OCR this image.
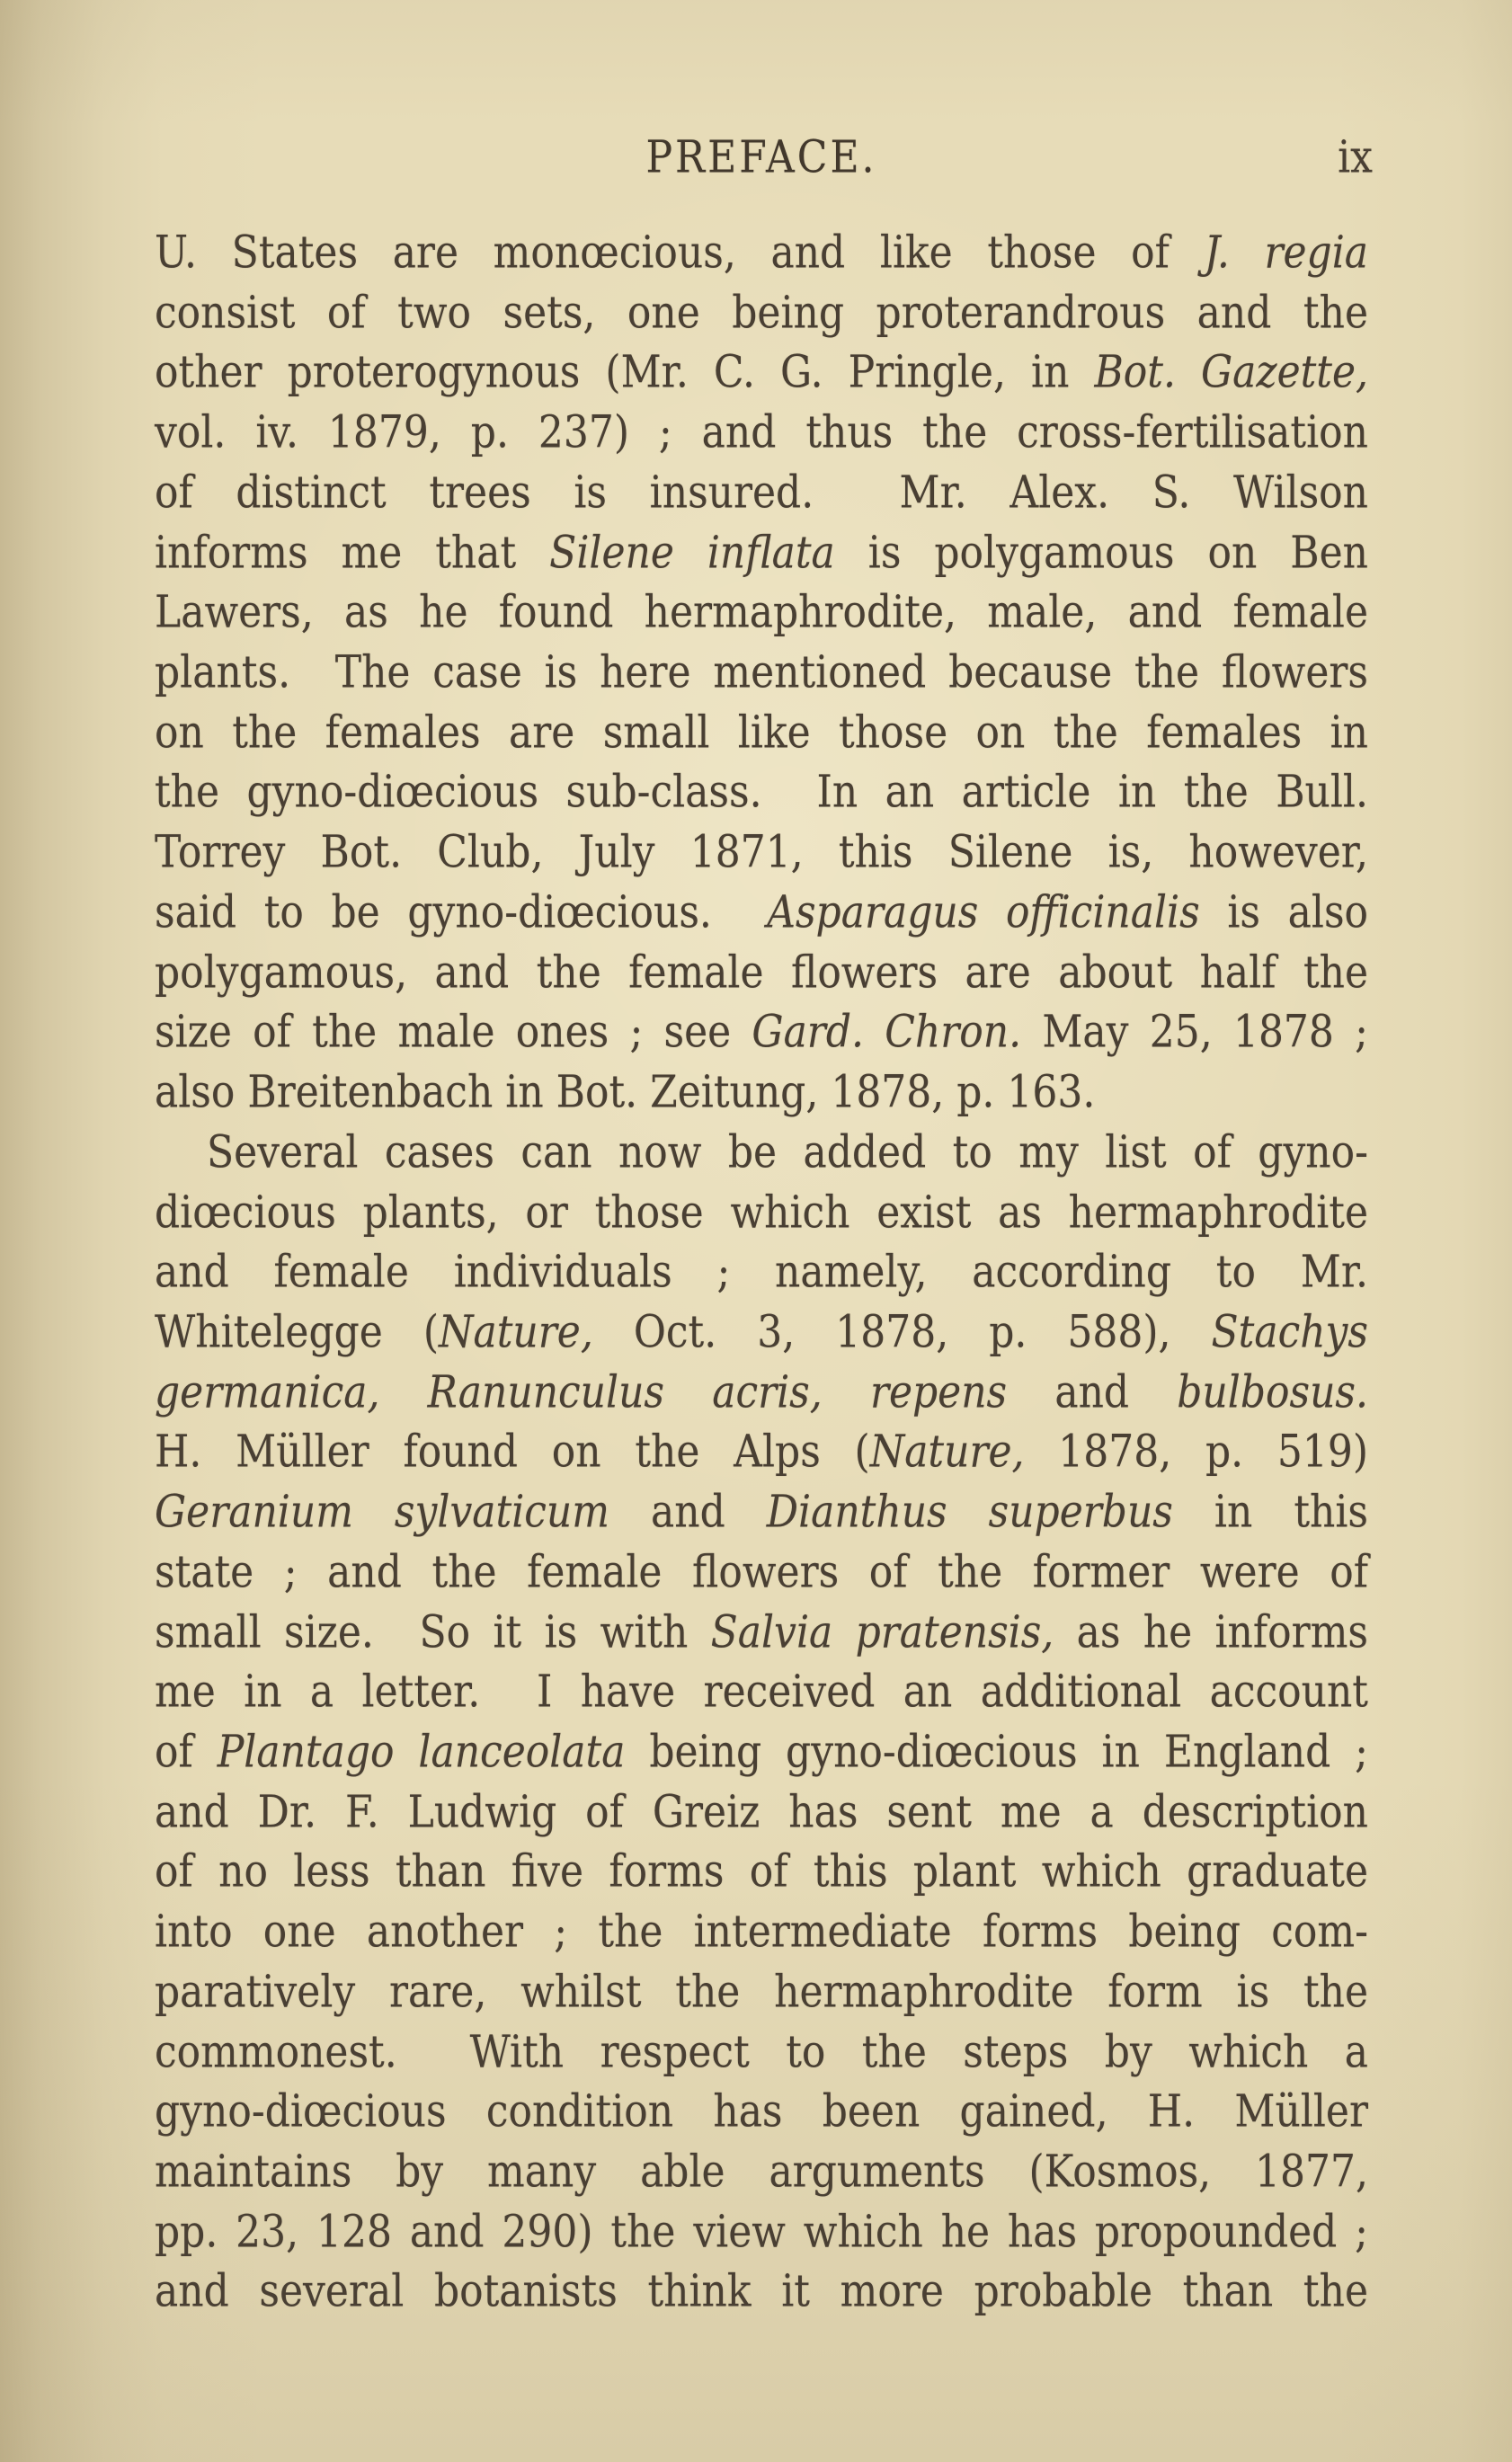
PREFACE.	ix
U. States are monœcious, and like those of J. regia
consist of two sets, one being proterandrous and the
other proterogynous (Mr. C. G. Pringle, in Bot. Gazette,
vol. iv. 1879, p. 237) ; and thus the cross-fertilisation
of distinct trees is insured.  Mr. Alex. S. Wilson
informs me that Silene inflata is polygamous on Ben
Lawers, as he found hermaphrodite, male, and female
plants.  The case is here mentioned because the flowers
on the females are small like those on the females in
the gyno-diœcious sub-class.  In an article in the Bull.
Torrey Bot. Club, July 1871, this Silene is, however,
said to be gyno-diœcious.  Asparagus officinalis is also
polygamous, and the female flowers are about half the
size of the male ones ; see Gard. Chron. May 25, 1878 ;
also Breitenbach in Bot. Zeitung, 1878, p. 163.
Several cases can now be added to my list of gyno-
diœcious plants, or those which exist as hermaphrodite
and female individuals ; namely, according to Mr.
Whitelegge (Nature, Oct. 3, 1878, p. 588), Stachys
germanica, Ranunculus acris, repens and bulbosus.
H. Müller found on the Alps (Nature, 1878, p. 519)
Geranium sylvaticum and Dianthus superbus in this
state ; and the female flowers of the former were of
small size.  So it is with Salvia pratensis, as he informs
me in a letter.  I have received an additional account
of Plantago lanceolata being gyno-diœcious in England ;
and Dr. F. Ludwig of Greiz has sent me a description
of no less than five forms of this plant which graduate
into one another ; the intermediate forms being com-
paratively rare, whilst the hermaphrodite form is the
commonest.  With respect to the steps by which a
gyno-diœcious condition has been gained, H. Müller
maintains by many able arguments (Kosmos, 1877,
pp. 23, 128 and 290) the view which he has propounded ;
and several botanists think it more probable than the
